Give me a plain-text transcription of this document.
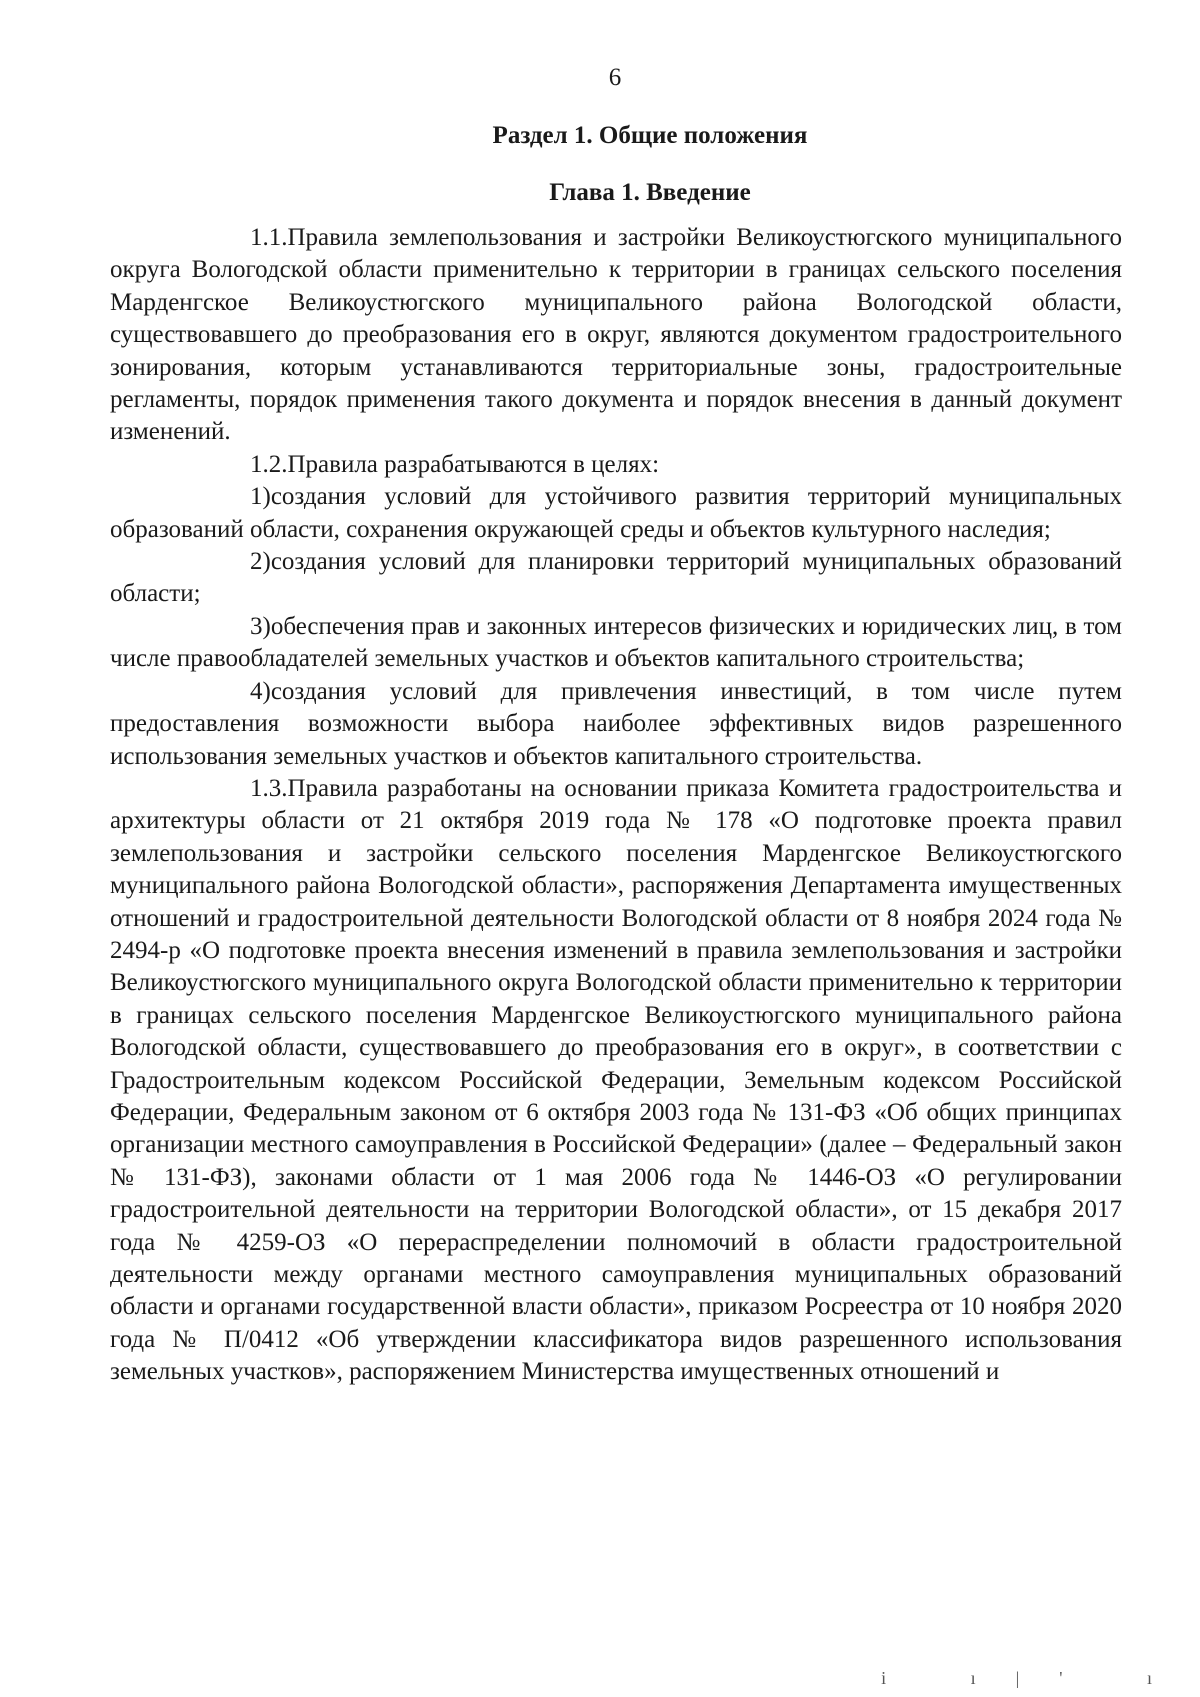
6
Раздел 1. Общие положения
Глава 1. Введение

1.1.Правила землепользования и застройки Великоустюгского муниципального округа Вологодской области применительно к территории в границах сельского поселения Марденгское Великоустюгского муниципального района Вологодской области, существовавшего до преобразования его в округ, являются документом градостроительного зонирования, которым устанавливаются территориальные зоны, градостроительные регламенты, порядок применения такого документа и порядок внесения в данный документ изменений.

1.2.Правила разрабатываются в целях:

1)создания условий для устойчивого развития территорий муниципальных образований области, сохранения окружающей среды и объектов культурного наследия;

2)создания условий для планировки территорий муниципальных образований области;

3)обеспечения прав и законных интересов физических и юридических лиц, в том числе правообладателей земельных участков и объектов капитального строительства;

4)создания условий для привлечения инвестиций, в том числе путем предоставления возможности выбора наиболее эффективных видов разрешенного использования земельных участков и объектов капитального строительства.

1.3.Правила разработаны на основании приказа Комитета градостроительства и архитектуры области от 21 октября 2019 года № 178 «О подготовке проекта правил землепользования и застройки сельского поселения Марденгское Великоустюгского муниципального района Вологодской области», распоряжения Департамента имущественных отношений и градостроительной деятельности Вологодской области от 8 ноября 2024 года № 2494-р «О подготовке проекта внесения изменений в правила землепользования и застройки Великоустюгского муниципального округа Вологодской области применительно к территории в границах сельского поселения Марденгское Великоустюгского муниципального района Вологодской области, существовавшего до преобразования его в округ», в соответствии с Градостроительным кодексом Российской Федерации, Земельным кодексом Российской Федерации, Федеральным законом от 6 октября 2003 года № 131-ФЗ «Об общих принципах организации местного самоуправления в Российской Федерации» (далее – Федеральный закон № 131-ФЗ), законами области от 1 мая 2006 года № 1446-ОЗ «О регулировании градостроительной деятельности на территории Вологодской области», от 15 декабря 2017 года № 4259-ОЗ «О перераспределении полномочий в области градостроительной деятельности между органами местного самоуправления муниципальных образований области и органами государственной власти области», приказом Росреестра от 10 ноября 2020 года № П/0412 «Об утверждении классификатора видов разрешенного использования земельных участков», распоряжением Министерства имущественных отношений и

i ı|' ı
